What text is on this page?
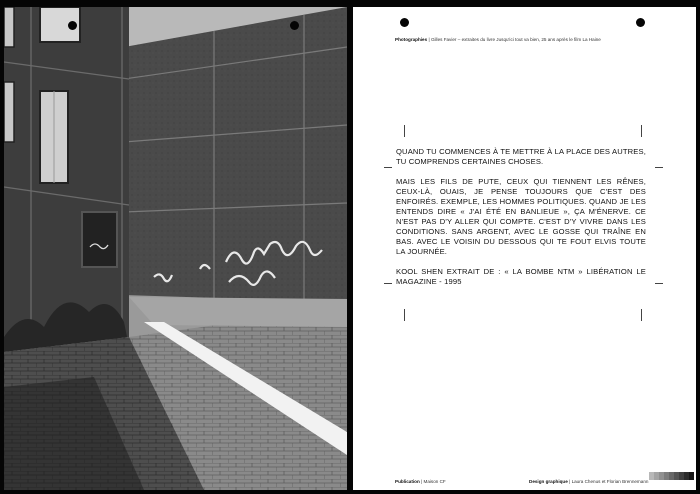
Photographies | Gilles Favier – extraites du livre Jusqu'ici tout va bien, 25 ans après le film La Haine

QUAND TU COMMENCES À TE METTRE À LA PLACE DES AUTRES, TU COMPRENDS CERTAINES CHOSES.

MAIS LES FILS DE PUTE, CEUX QUI TIENNENT LES RÊNES, CEUX-LÀ, OUAIS, JE PENSE TOUJOURS QUE C'EST DES ENFOIRÉS. EXEMPLE, LES HOMMES POLITIQUES. QUAND JE LES ENTENDS DIRE « J'AI ÉTÉ EN BANLIEUE », ÇA M'ÉNERVE. CE N'EST PAS D'Y ALLER QUI COMPTE. C'EST D'Y VIVRE DANS LES CONDITIONS. SANS ARGENT, AVEC LE GOSSE QUI TRAÎNE EN BAS. AVEC LE VOISIN DU DESSOUS QUI TE FOUT ELVIS TOUTE LA JOURNÉE.

KOOL SHEN EXTRAIT DE : « LA BOMBE NTM » LIBÉRATION LE MAGAZINE - 1995

Publication | Maison CF	Design graphique | Laura Chenus et Florian Brennemann
